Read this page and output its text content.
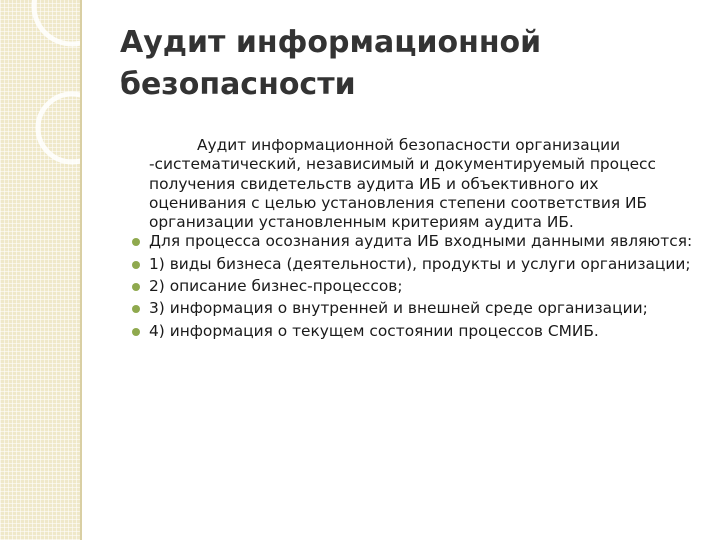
Аудит информационной
безопасности

Аудит информационной безопасности организации -систематический, независимый и документируемый процесс получения свидетельств аудита ИБ и объективного их оценивания с целью установления степени соответствия ИБ организации установленным критериям аудита ИБ.

Для процесса осознания аудита ИБ входными данными являются:
1) виды бизнеса (деятельности), продукты и услуги организации;
2) описание бизнес-процессов;
3) информация о внутренней и внешней среде организации;
4) информация о текущем состоянии процессов СМИБ.
